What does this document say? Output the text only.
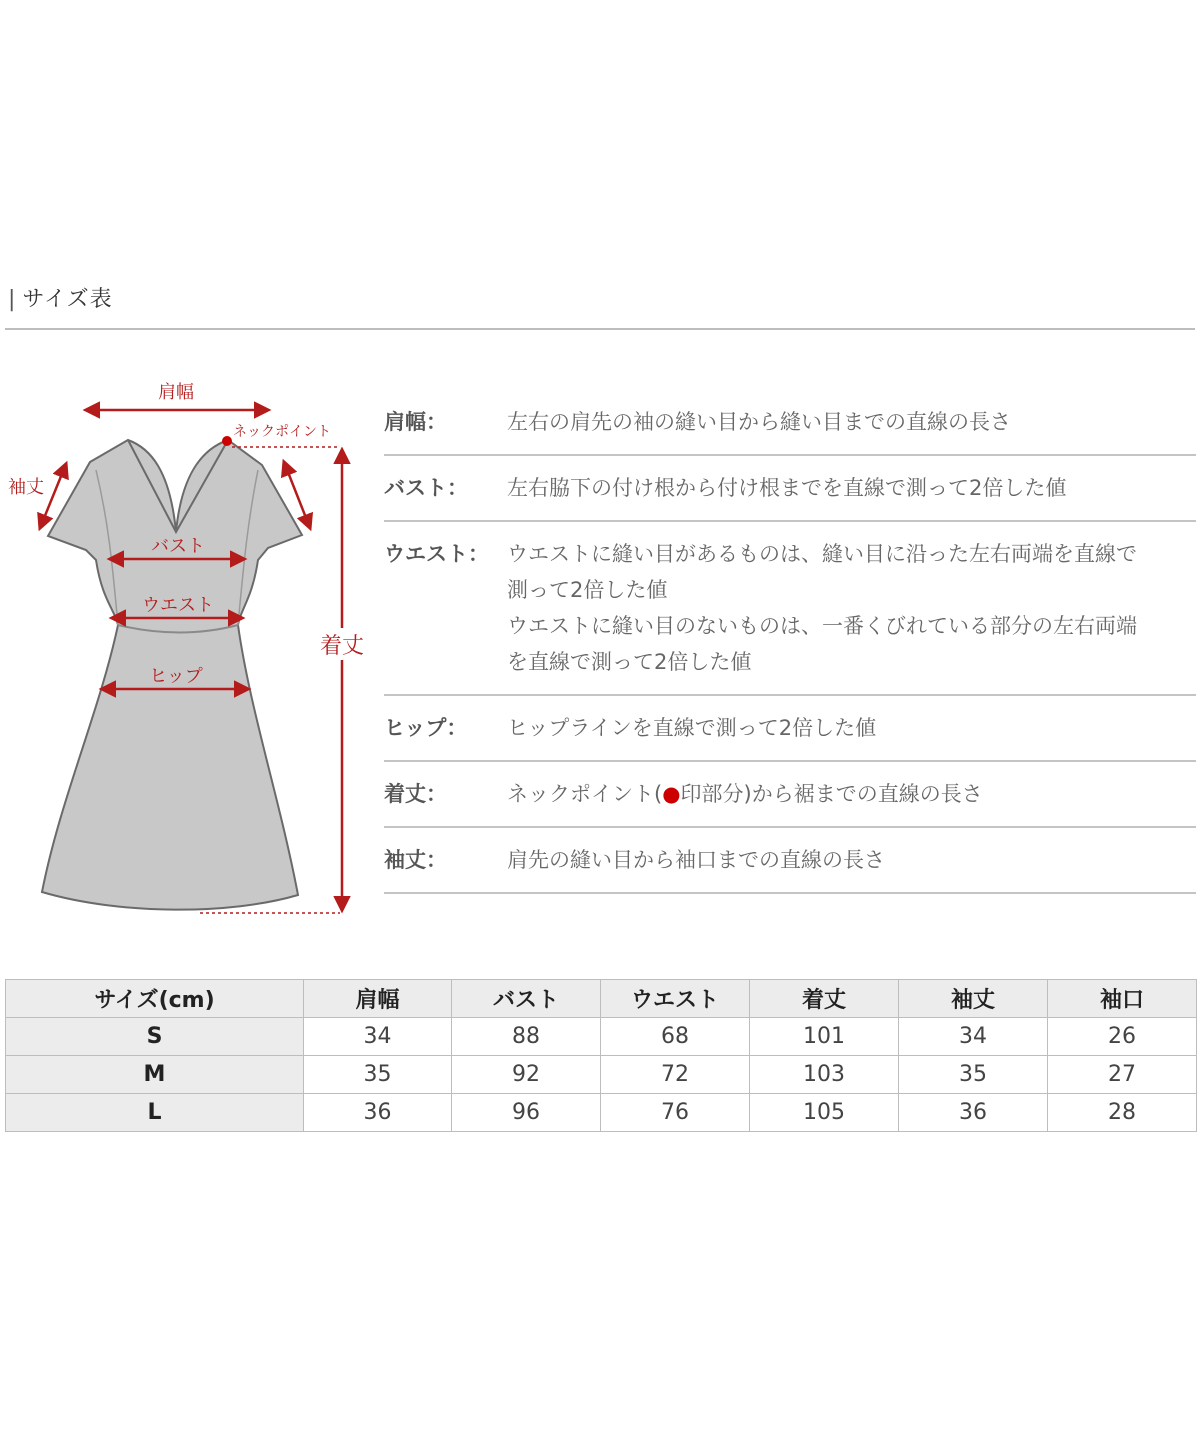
| サイズ表
肩幅
ネックポイント
袖丈
バスト
ウエスト
ヒップ
着丈
肩幅：	左右の肩先の袖の縫い目から縫い目までの直線の長さ
バスト：	左右脇下の付け根から付け根までを直線で測って2倍した値
ウエスト： ウエストに縫い目があるものは、縫い目に沿った左右両端を直線で
測って2倍した値
ウエストに縫い目のないものは、一番くびれている部分の左右両端
を直線で測って2倍した値
ヒップ：	ヒップラインを直線で測って2倍した値
着丈：	ネックポイント(●印部分)から裾までの直線の長さ
袖丈：	肩先の縫い目から袖口までの直線の長さ
サイズ(cm)	肩幅	バスト	ウエスト	着丈	袖丈	袖口
S	34	88	68	101	34	26
M	35	92	72	103	35	27
L	36	96	76	105	36	28
